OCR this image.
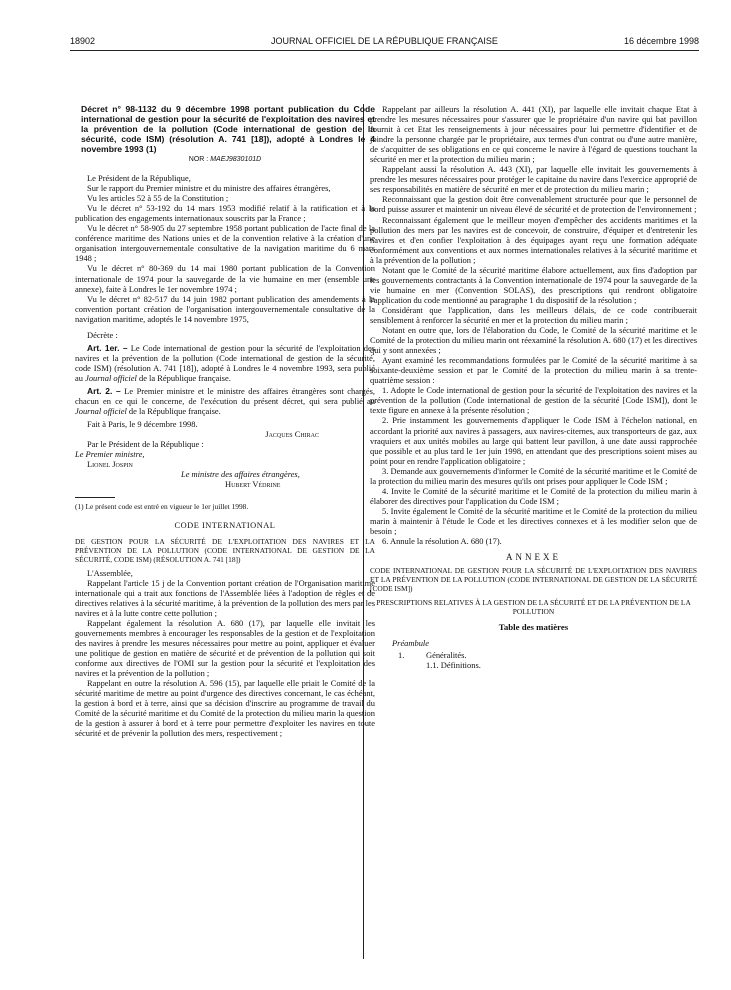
18902	JOURNAL OFFICIEL DE LA RÉPUBLIQUE FRANÇAISE	16 décembre 1998
Décret n° 98-1132 du 9 décembre 1998 portant publication du Code international de gestion pour la sécurité de l'exploitation des navires et la prévention de la pollution (Code international de gestion de la sécurité, code ISM) (résolution A. 741 [18]), adopté à Londres le 4 novembre 1993 (1)
NOR : MAEJ9830101D

Le Président de la République,

Sur le rapport du Premier ministre et du ministre des affaires étrangères,

Vu les articles 52 à 55 de la Constitution ;

Vu le décret n° 53-192 du 14 mars 1953 modifié relatif à la ratification et à la publication des engagements internationaux souscrits par la France ;

Vu le décret n° 58-905 du 27 septembre 1958 portant publication de l'acte final de la conférence maritime des Nations unies et de la convention relative à la création d'une organisation intergouvernementale consultative de la navigation maritime du 6 mars 1948 ;

Vu le décret n° 80-369 du 14 mai 1980 portant publication de la Convention internationale de 1974 pour la sauvegarde de la vie humaine en mer (ensemble une annexe), faite à Londres le 1er novembre 1974 ;

Vu le décret n° 82-517 du 14 juin 1982 portant publication des amendements à la convention portant création de l'organisation intergouvernementale consultative de la navigation maritime, adoptés le 14 novembre 1975,

Décrète :

Art. 1er. – Le Code international de gestion pour la sécurité de l'exploitation des navires et la prévention de la pollution (Code international de gestion de la sécurité, code ISM) (résolution A. 741 [18]), adopté à Londres le 4 novembre 1993, sera publié au Journal officiel de la République française.

Art. 2. – Le Premier ministre et le ministre des affaires étrangères sont chargés, chacun en ce qui le concerne, de l'exécution du présent décret, qui sera publié au Journal officiel de la République française.

Fait à Paris, le 9 décembre 1998.

Jacques Chirac

Par le Président de la République :

Le Premier ministre,

Lionel Jospin

Le ministre des affaires étrangères,

Hubert Védrine

(1) Le présent code est entré en vigueur le 1er juillet 1998.

CODE INTERNATIONAL

DE GESTION POUR LA SÉCURITÉ DE L'EXPLOITATION DES NAVIRES ET LA PRÉVENTION DE LA POLLUTION (CODE INTERNATIONAL DE GESTION DE LA SÉCURITÉ, CODE ISM) (RÉSOLUTION A. 741 [18])

L'Assemblée,

Rappelant l'article 15 j de la Convention portant création de l'Organisation maritime internationale qui a trait aux fonctions de l'Assemblée liées à l'adoption de règles et de directives relatives à la sécurité maritime, à la prévention de la pollution des mers par les navires et à la lutte contre cette pollution ;

Rappelant également la résolution A. 680 (17), par laquelle elle invitait les gouvernements membres à encourager les responsables de la gestion et de l'exploitation des navires à prendre les mesures nécessaires pour mettre au point, appliquer et évaluer une politique de gestion en matière de sécurité et de prévention de la pollution qui soit conforme aux directives de l'OMI sur la gestion pour la sécurité et l'exploitation des navires et la prévention de la pollution ;

Rappelant en outre la résolution A. 596 (15), par laquelle elle priait le Comité de la sécurité maritime de mettre au point d'urgence des directives concernant, le cas échéant, la gestion à bord et à terre, ainsi que sa décision d'inscrire au programme de travail du Comité de la sécurité maritime et du Comité de la protection du milieu marin la question de la gestion à assurer à bord et à terre pour permettre d'exploiter les navires en toute sécurité et de prévenir la pollution des mers, respectivement ;

Rappelant par ailleurs la résolution A. 441 (XI), par laquelle elle invitait chaque Etat à prendre les mesures nécessaires pour s'assurer que le propriétaire d'un navire qui bat pavillon fournit à cet Etat les renseignements à jour nécessaires pour lui permettre d'identifier et de joindre la personne chargée par le propriétaire, aux termes d'un contrat ou d'une autre manière, de s'acquitter de ses obligations en ce qui concerne le navire à l'égard de questions touchant la sécurité en mer et la protection du milieu marin ;

Rappelant aussi la résolution A. 443 (XI), par laquelle elle invitait les gouvernements à prendre les mesures nécessaires pour protéger le capitaine du navire dans l'exercice approprié de ses responsabilités en matière de sécurité en mer et de protection du milieu marin ;

Reconnaissant que la gestion doit être convenablement structurée pour que le personnel de bord puisse assurer et maintenir un niveau élevé de sécurité et de protection de l'environnement ;

Reconnaissant également que le meilleur moyen d'empêcher des accidents maritimes et la pollution des mers par les navires est de concevoir, de construire, d'équiper et d'entretenir les navires et d'en confier l'exploitation à des équipages ayant reçu une formation adéquate conformément aux conventions et aux normes internationales relatives à la sécurité maritime et à la prévention de la pollution ;

Notant que le Comité de la sécurité maritime élabore actuellement, aux fins d'adoption par les gouvernements contractants à la Convention internationale de 1974 pour la sauvegarde de la vie humaine en mer (Convention SOLAS), des prescriptions qui rendront obligatoire l'application du code mentionné au paragraphe 1 du dispositif de la résolution ;

Considérant que l'application, dans les meilleurs délais, de ce code contribuerait sensiblement à renforcer la sécurité en mer et la protection du milieu marin ;

Notant en outre que, lors de l'élaboration du Code, le Comité de la sécurité maritime et le Comité de la protection du milieu marin ont réexaminé la résolution A. 680 (17) et les directives qui y sont annexées ;

Ayant examiné les recommandations formulées par le Comité de la sécurité maritime à sa soixante-deuxième session et par le Comité de la protection du milieu marin à sa trente-quatrième session :

1. Adopte le Code international de gestion pour la sécurité de l'exploitation des navires et la prévention de la pollution (Code international de gestion de la sécurité [Code ISM]), dont le texte figure en annexe à la présente résolution ;

2. Prie instamment les gouvernements d'appliquer le Code ISM à l'échelon national, en accordant la priorité aux navires à passagers, aux navires-citernes, aux transporteurs de gaz, aux vraquiers et aux unités mobiles au large qui battent leur pavillon, à une date aussi rapprochée que possible et au plus tard le 1er juin 1998, en attendant que des prescriptions soient mises au point pour en rendre l'application obligatoire ;

3. Demande aux gouvernements d'informer le Comité de la sécurité maritime et le Comité de la protection du milieu marin des mesures qu'ils ont prises pour appliquer le Code ISM ;

4. Invite le Comité de la sécurité maritime et le Comité de la protection du milieu marin à élaborer des directives pour l'application du Code ISM ;

5. Invite également le Comité de la sécurité maritime et le Comité de la protection du milieu marin à maintenir à l'étude le Code et les directives connexes et à les modifier selon que de besoin ;

6. Annule la résolution A. 680 (17).

ANNEXE

CODE INTERNATIONAL DE GESTION POUR LA SÉCURITÉ DE L'EXPLOITATION DES NAVIRES ET LA PRÉVENTION DE LA POLLUTION (CODE INTERNATIONAL DE GESTION DE LA SÉCURITÉ [CODE ISM])

PRESCRIPTIONS RELATIVES À LA GESTION DE LA SÉCURITÉ ET DE LA PRÉVENTION DE LA POLLUTION

Table des matières

Préambule

1.	Généralités.

1.1. Définitions.
